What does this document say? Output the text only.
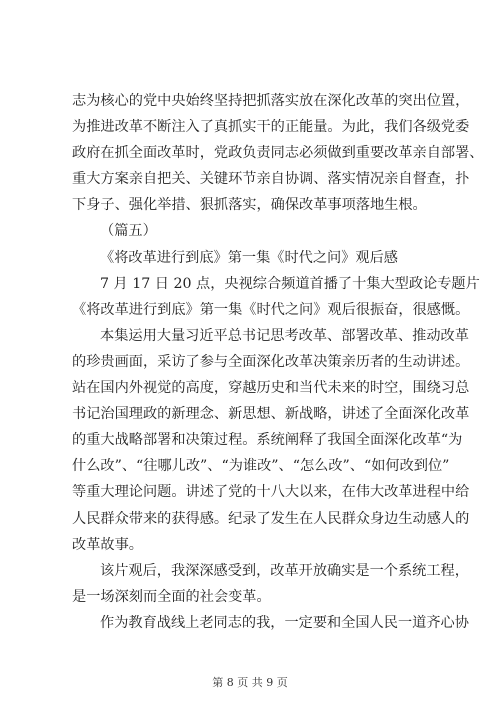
志为核心的党中央始终坚持把抓落实放在深化改革的突出位置，
为推进改革不断注入了真抓实干的正能量。为此，我们各级党委
政府在抓全面改革时，党政负责同志必须做到重要改革亲自部署、
重大方案亲自把关、关键环节亲自协调、落实情况亲自督查，扑
下身子、强化举措、狠抓落实，确保改革事项落地生根。
（篇五）
《将改革进行到底》第一集《时代之问》观后感
7 月 17 日 20 点，央视综合频道首播了十集大型政论专题片
《将改革进行到底》第一集《时代之问》观后很振奋，很感慨。
本集运用大量习近平总书记思考改革、部署改革、推动改革
的珍贵画面，采访了参与全面深化改革决策亲历者的生动讲述。
站在国内外视觉的高度，穿越历史和当代未来的时空，围绕习总
书记治国理政的新理念、新思想、新战略，讲述了全面深化改革
的重大战略部署和决策过程。系统阐释了我国全面深化改革“为
什么改”、“往哪儿改”、“为谁改”、“怎么改”、“如何改到位”
等重大理论问题。讲述了党的十八大以来，在伟大改革进程中给
人民群众带来的获得感。纪录了发生在人民群众身边生动感人的
改革故事。
该片观后，我深深感受到，改革开放确实是一个系统工程，
是一场深刻而全面的社会变革。
作为教育战线上老同志的我，一定要和全国人民一道齐心协
第 8 页 共 9 页
